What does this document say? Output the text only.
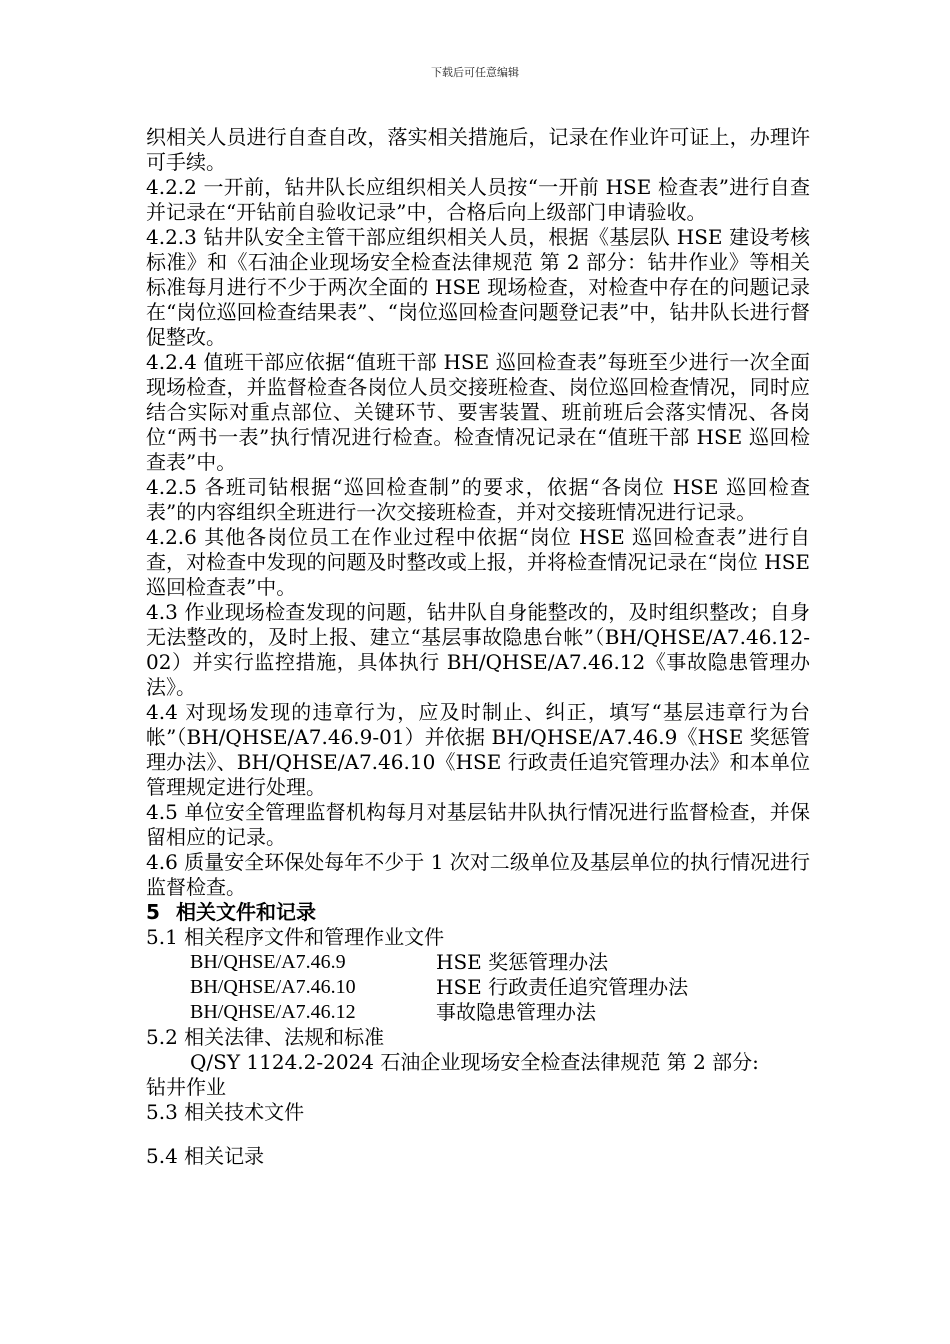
下载后可任意编辑

织相关人员进行自查自改，落实相关措施后，记录在作业许可证上，办理许可手续。

4.2.2 一开前，钻井队长应组织相关人员按“一开前 HSE 检查表”进行自查并记录在“开钻前自验收记录”中，合格后向上级部门申请验收。

4.2.3 钻井队安全主管干部应组织相关人员，根据《基层队 HSE 建设考核标准》和《石油企业现场安全检查法律规范 第 2 部分：钻井作业》等相关标准每月进行不少于两次全面的 HSE 现场检查，对检查中存在的问题记录在“岗位巡回检查结果表”、“岗位巡回检查问题登记表”中，钻井队长进行督促整改。

4.2.4 值班干部应依据“值班干部 HSE 巡回检查表”每班至少进行一次全面现场检查，并监督检查各岗位人员交接班检查、岗位巡回检查情况，同时应结合实际对重点部位、关键环节、要害装置、班前班后会落实情况、各岗位“两书一表”执行情况进行检查。检查情况记录在“值班干部 HSE 巡回检查表”中。

4.2.5 各班司钻根据“巡回检查制”的要求，依据“各岗位 HSE 巡回检查表”的内容组织全班进行一次交接班检查，并对交接班情况进行记录。

4.2.6 其他各岗位员工在作业过程中依据“岗位 HSE 巡回检查表”进行自查，对检查中发现的问题及时整改或上报，并将检查情况记录在“岗位 HSE 巡回检查表”中。

4.3 作业现场检查发现的问题，钻井队自身能整改的，及时组织整改；自身无法整改的，及时上报、建立“基层事故隐患台帐”（BH/QHSE/A7.46.12-02）并实行监控措施，具体执行 BH/QHSE/A7.46.12《事故隐患管理办法》。

4.4 对现场发现的违章行为，应及时制止、纠正，填写“基层违章行为台帐”（BH/QHSE/A7.46.9-01）并依据 BH/QHSE/A7.46.9《HSE 奖惩管理办法》、BH/QHSE/A7.46.10《HSE 行政责任追究管理办法》和本单位管理规定进行处理。

4.5 单位安全管理监督机构每月对基层钻井队执行情况进行监督检查，并保留相应的记录。

4.6 质量安全环保处每年不少于 1 次对二级单位及基层单位的执行情况进行监督检查。

5 相关文件和记录

5.1 相关程序文件和管理作业文件

BH/QHSE/A7.46.9	HSE 奖惩管理办法
BH/QHSE/A7.46.10	HSE 行政责任追究管理办法
BH/QHSE/A7.46.12	事故隐患管理办法

5.2 相关法律、法规和标准

Q/SY 1124.2-2024 石油企业现场安全检查法律规范 第 2 部分:

钻井作业

5.3 相关技术文件

5.4 相关记录
